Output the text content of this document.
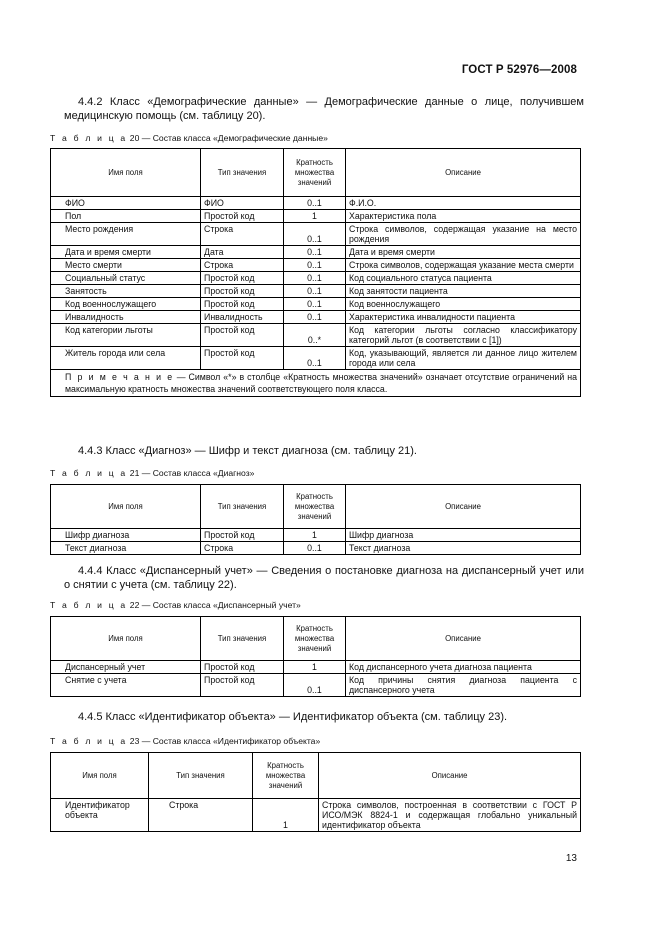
ГОСТ Р 52976—2008
4.4.2 Класс «Демографические данные» — Демографические данные о лице, получившем медицинскую помощь (см. таблицу 20).
Т а б л и ц а 20 — Состав класса «Демографические данные»
Имя поля	Тип значения	Кратность множества значений	Описание
ФИО	ФИО	0..1	Ф.И.О.
Пол	Простой код	1	Характеристика пола
Место рождения	Строка	0..1	Строка символов, содержащая указание на место рождения
Дата и время смерти	Дата	0..1	Дата и время смерти
Место смерти	Строка	0..1	Строка символов, содержащая указание места смерти
Социальный статус	Простой код	0..1	Код социального статуса пациента
Занятость	Простой код	0..1	Код занятости пациента
Код военнослужащего	Простой код	0..1	Код военнослужащего
Инвалидность	Инвалидность	0..1	Характеристика инвалидности пациента
Код категории льготы	Простой код	0..*	Код категории льготы согласно классификатору категорий льгот (в соответствии с [1])
Житель города или села	Простой код	0..1	Код, указывающий, является ли данное лицо жителем города или села
П р и м е ч а н и е — Символ «*» в столбце «Кратность множества значений» означает отсутствие ограничений на максимальную кратность множества значений соответствующего поля класса.			
4.4.3 Класс «Диагноз» — Шифр и текст диагноза (см. таблицу 21).
Т а б л и ц а 21 — Состав класса «Диагноз»
Имя поля	Тип значения	Кратность множества значений	Описание
Шифр диагноза	Простой код	1	Шифр диагноза
Текст диагноза	Строка	0..1	Текст диагноза
4.4.4 Класс «Диспансерный учет» — Сведения о постановке диагноза на диспансерный учет или о снятии с учета (см. таблицу 22).
Т а б л и ц а 22 — Состав класса «Диспансерный учет»
Имя поля	Тип значения	Кратность множества значений	Описание
Диспансерный учет	Простой код	1	Код диспансерного учета диагноза пациента
Снятие с учета	Простой код	0..1	Код причины снятия диагноза пациента с диспансерного учета
4.4.5 Класс «Идентификатор объекта» — Идентификатор объекта (см. таблицу 23).
Т а б л и ц а 23 — Состав класса «Идентификатор объекта»
Имя поля	Тип значения	Кратность множества значений	Описание
Идентификатор объекта	Строка	1	Строка символов, построенная в соответствии с ГОСТ Р ИСО/МЭК 8824-1 и содержащая глобально уникальный идентификатор объекта
13
